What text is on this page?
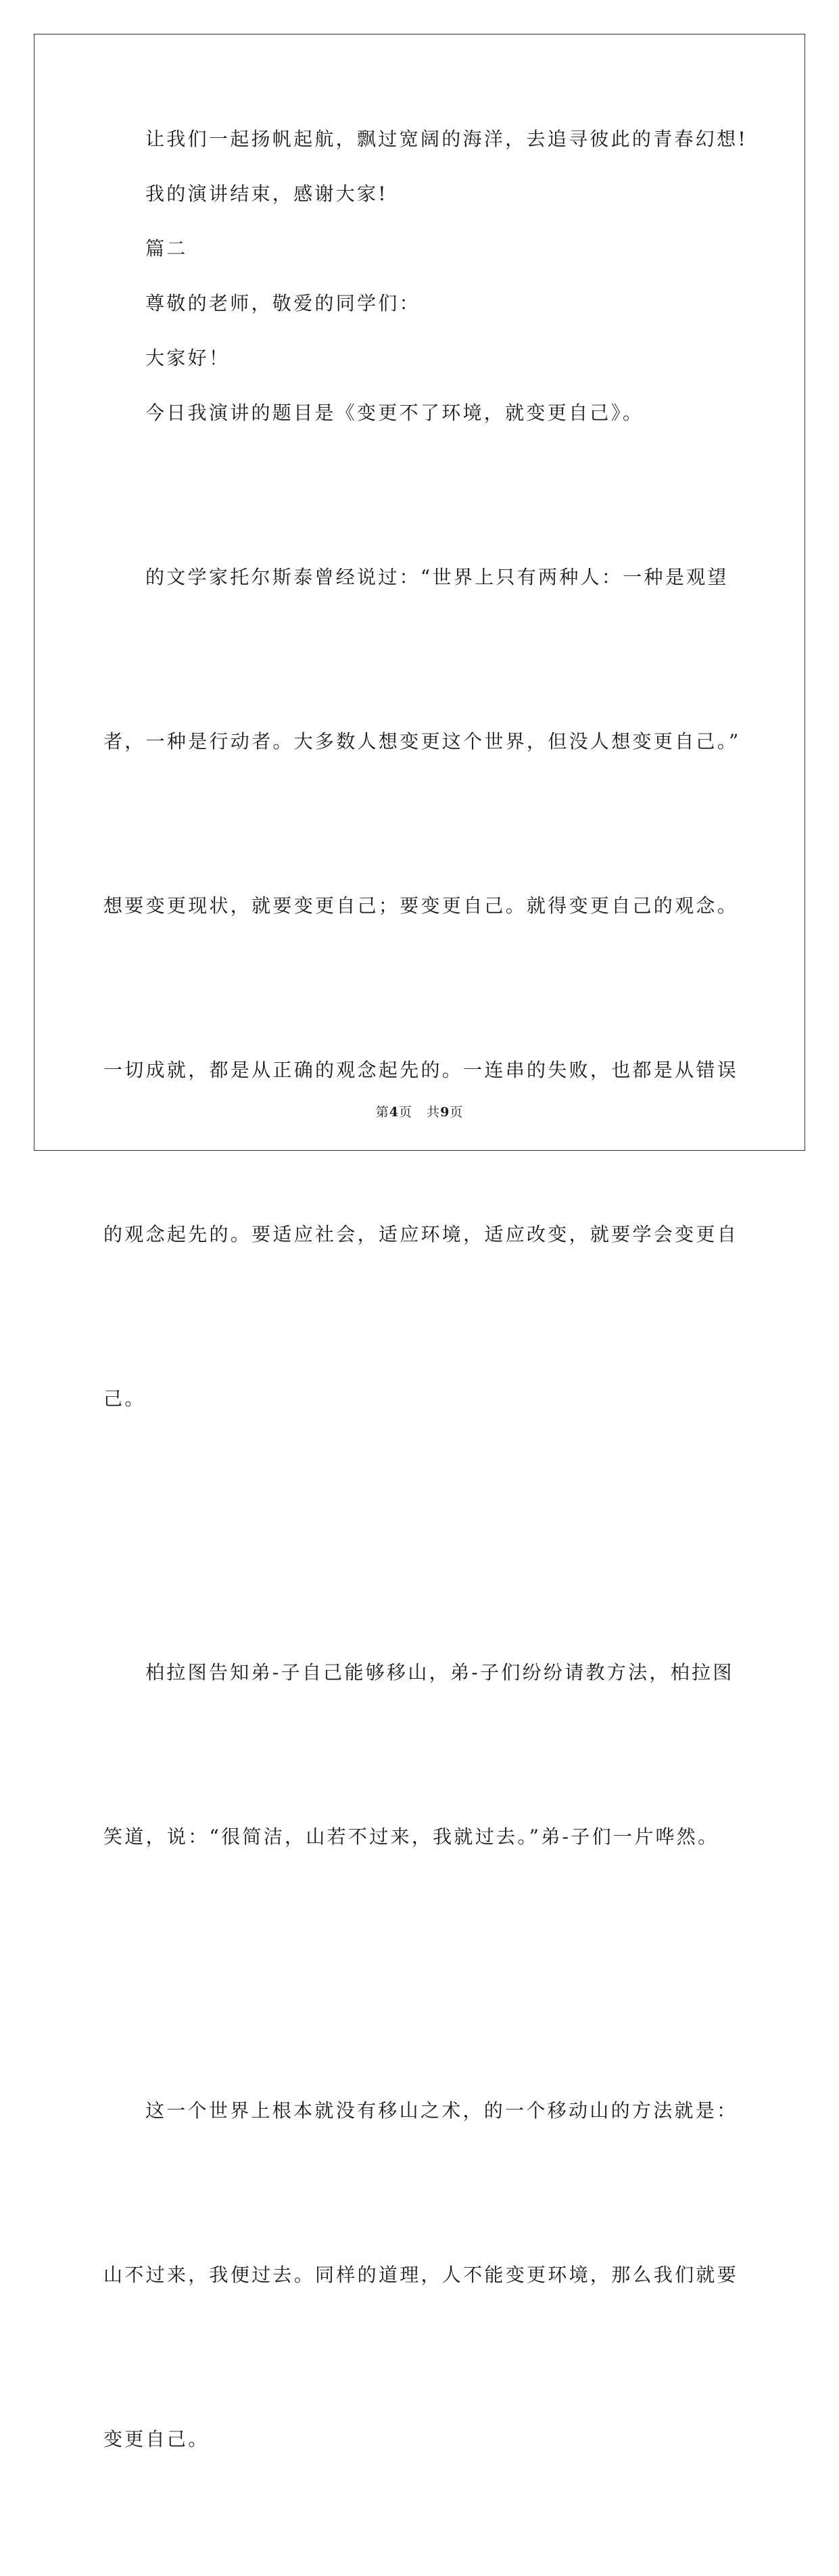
让我们一起扬帆起航，飘过宽阔的海洋，去追寻彼此的青春幻想!

我的演讲结束，感谢大家!

篇二

尊敬的老师，敬爱的同学们：

大家好！

今日我演讲的题目是《变更不了环境，就变更自己》。

的文学家托尔斯泰曾经说过：“世界上只有两种人：一种是观望

者，一种是行动者。大多数人想变更这个世界，但没人想变更自己。”

想要变更现状，就要变更自己；要变更自己。就得变更自己的观念。

一切成就，都是从正确的观念起先的。一连串的失败，也都是从错误

的观念起先的。要适应社会，适应环境，适应改变，就要学会变更自

己。

柏拉图告知弟-子自己能够移山，弟-子们纷纷请教方法，柏拉图

笑道，说：“很简洁，山若不过来，我就过去。”弟-子们一片哗然。

这一个世界上根本就没有移山之术，的一个移动山的方法就是：

山不过来，我便过去。同样的道理，人不能变更环境，那么我们就要

变更自己。

第4页   共9页
